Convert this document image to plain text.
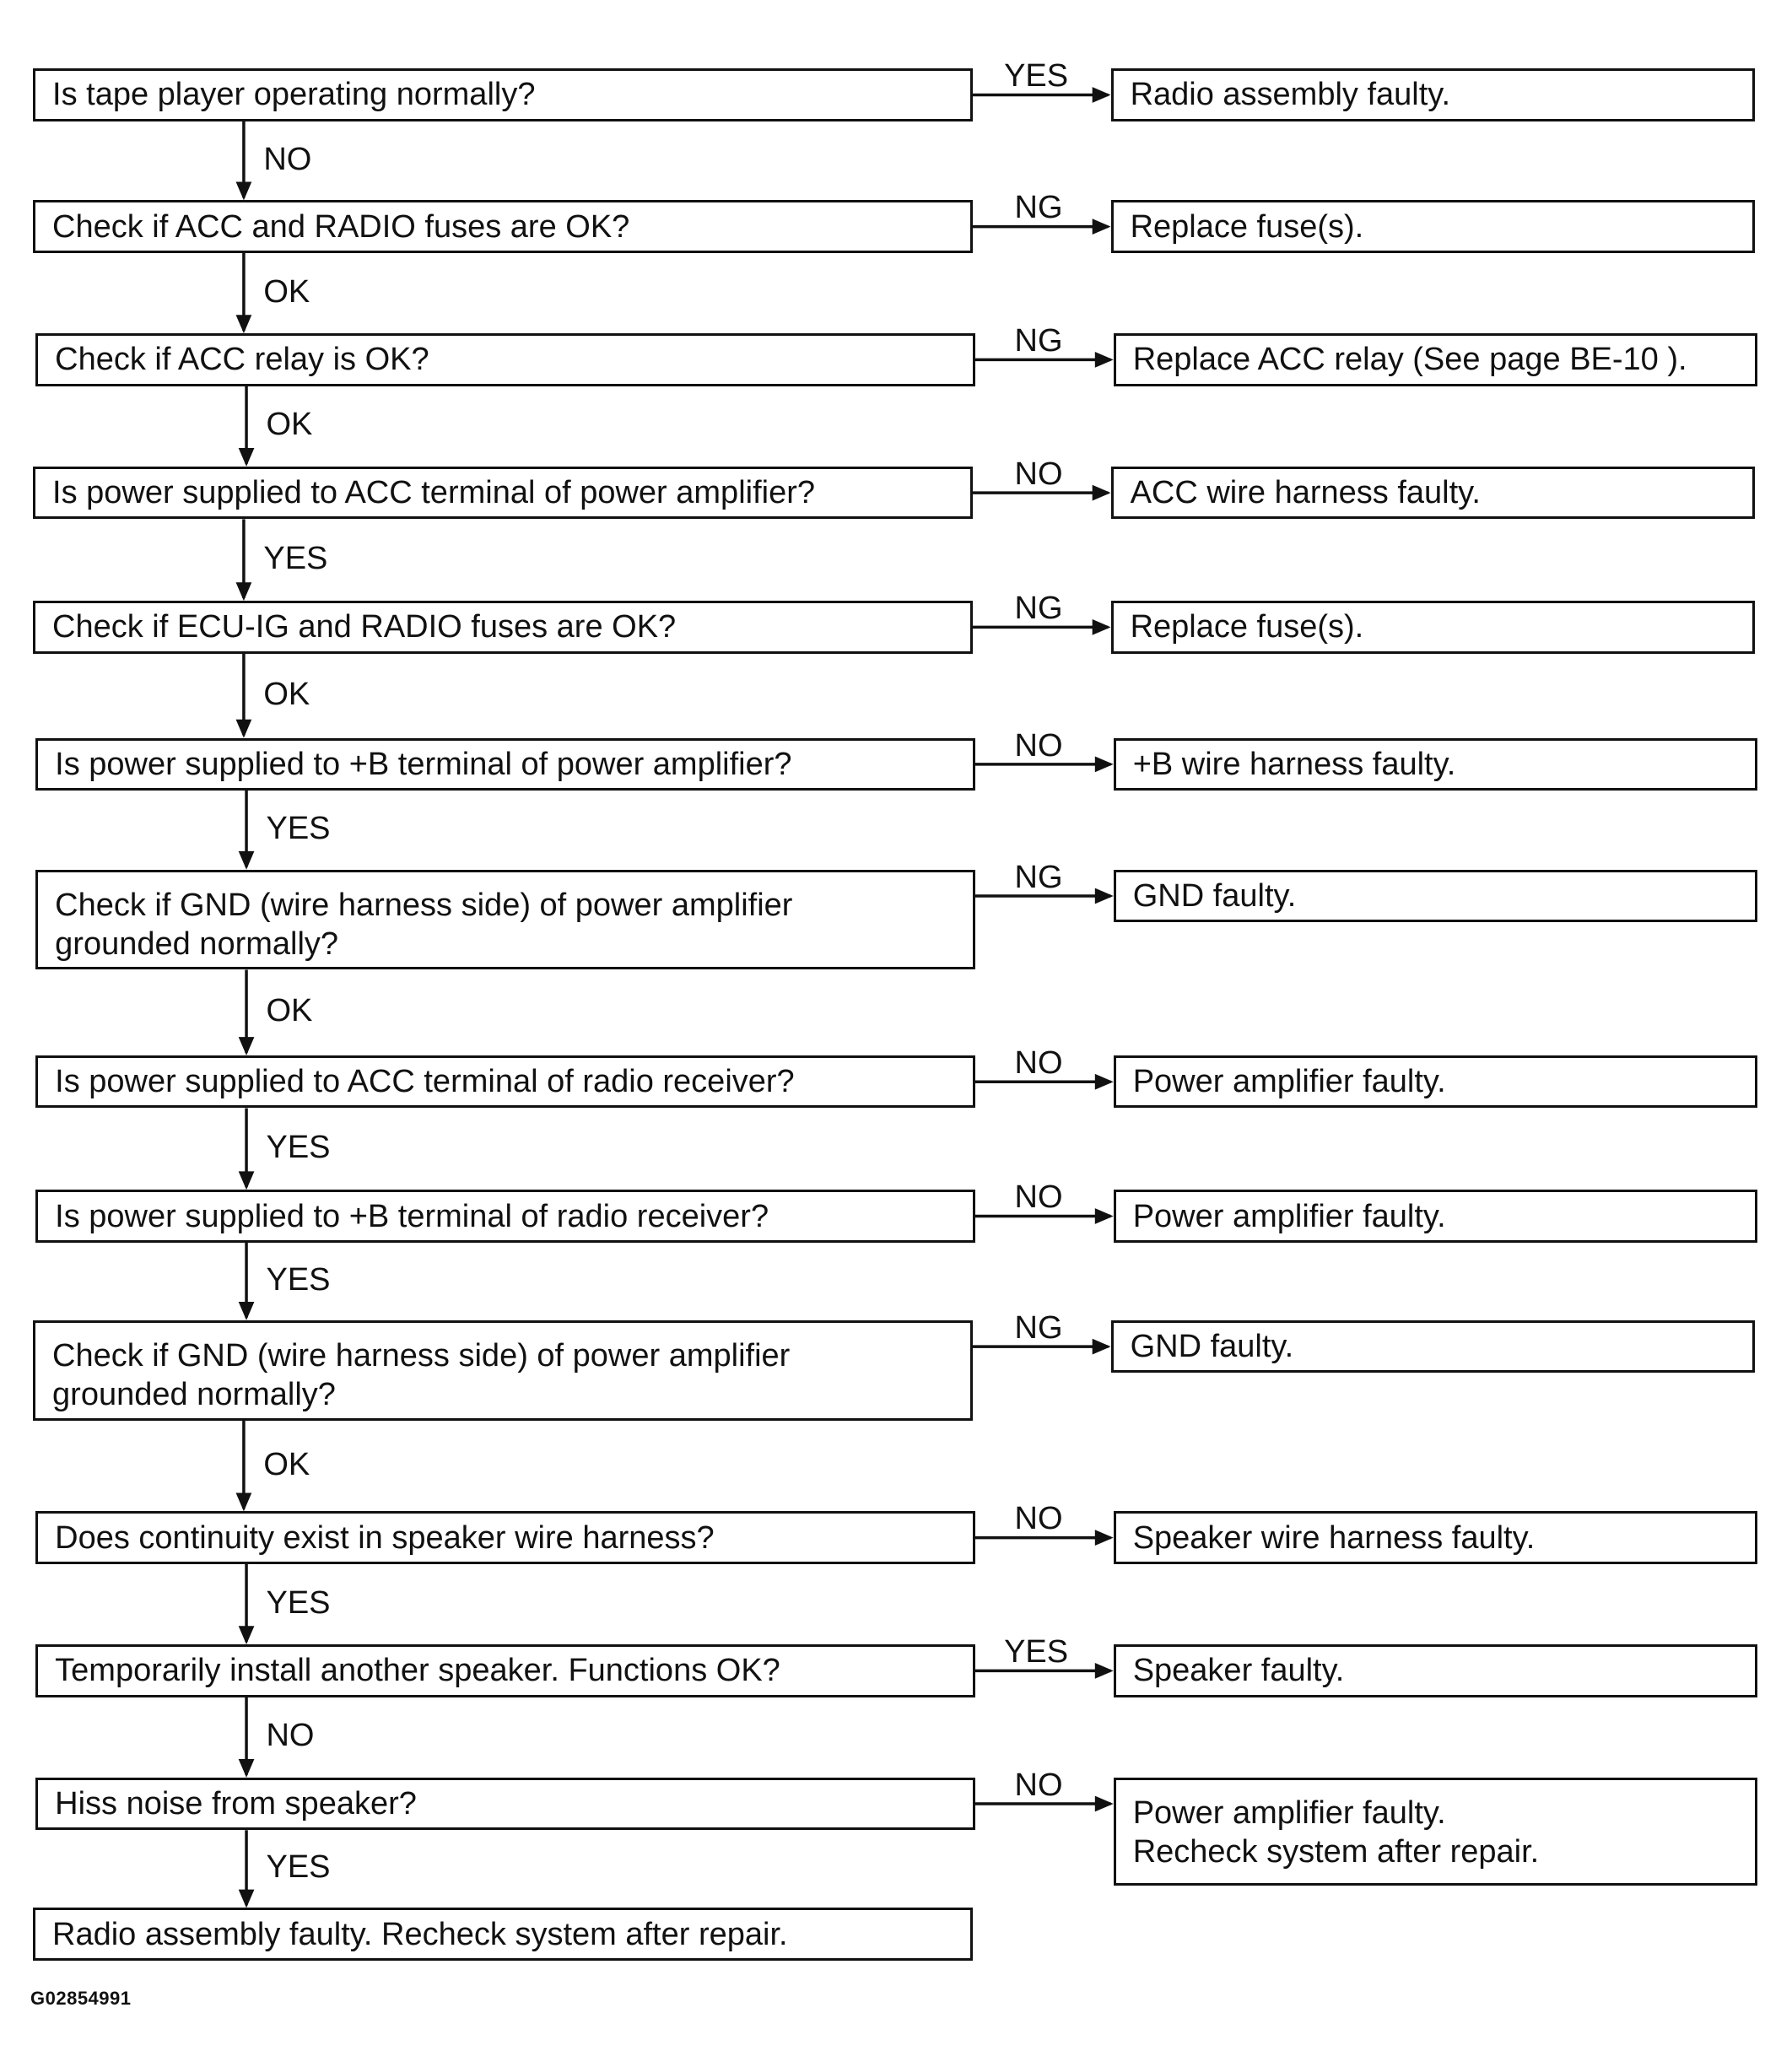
G02854991
Is tape player operating normally?	Radio assembly faulty.
YES
NO
Check if ACC and RADIO fuses are OK?	Replace fuse(s).
NG
OK
Check if ACC relay is OK?	Replace ACC relay (See page BE-10 ).
NG
OK
Is power supplied to ACC terminal of power amplifier?	ACC wire harness faulty.
NO
YES
Check if ECU-IG and RADIO fuses are OK?	Replace fuse(s).
NG
OK
Is power supplied to +B terminal of power amplifier?	+B wire harness faulty.
NO
YES
Check if GND (wire harness side) of power amplifier
grounded normally?
GND faulty.
NG
OK
Is power supplied to ACC terminal of radio receiver?	Power amplifier faulty.
NO
YES
Is power supplied to +B terminal of radio receiver?	Power amplifier faulty.
NO
YES
Check if GND (wire harness side) of power amplifier
grounded normally?
GND faulty.
NG
OK
Does continuity exist in speaker wire harness?	Speaker wire harness faulty.
NO
YES
Temporarily install another speaker. Functions OK?	Speaker faulty.
YES
NO
Hiss noise from speaker?	Power amplifier faulty.
Recheck system after repair.
NO
YES
Radio assembly faulty. Recheck system after repair.
